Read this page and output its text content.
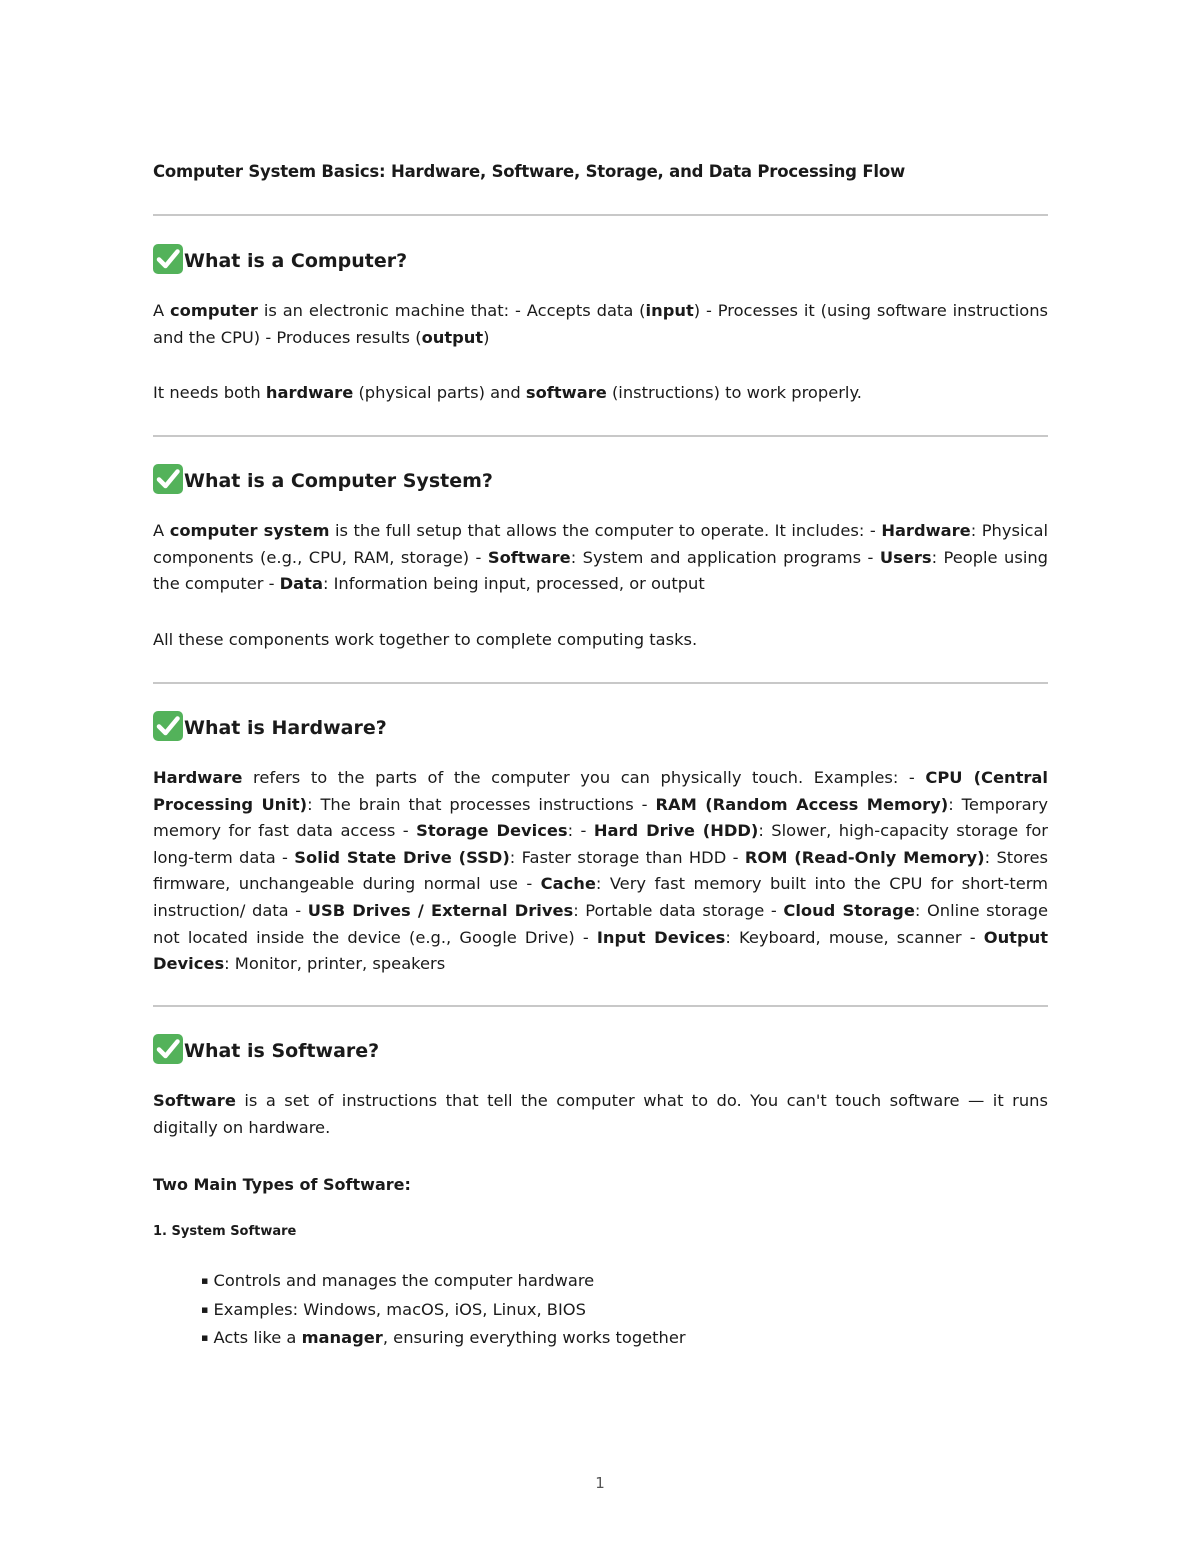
Computer System Basics: Hardware, Software, Storage, and Data Processing Flow
What is a Computer?

A computer is an electronic machine that: - Accepts data (input) - Processes it (using software instructions and the CPU) - Produces results (output)

It needs both hardware (physical parts) and software (instructions) to work properly.

What is a Computer System?

A computer system is the full setup that allows the computer to operate. It includes: - Hardware: Physical components (e.g., CPU, RAM, storage) - Software: System and application programs - Users: People using the computer - Data: Information being input, processed, or output

All these components work together to complete computing tasks.

What is Hardware?

Hardware refers to the parts of the computer you can physically touch. Examples: - CPU (Central Processing Unit): The brain that processes instructions - RAM (Random Access Memory): Temporary memory for fast data access - Storage Devices: - Hard Drive (HDD): Slower, high-capacity storage for long-term data - Solid State Drive (SSD): Faster storage than HDD - ROM (Read-Only Memory): Stores firmware, unchangeable during normal use - Cache: Very fast memory built into the CPU for short-term instruction/ data - USB Drives / External Drives: Portable data storage - Cloud Storage: Online storage not located inside the device (e.g., Google Drive) - Input Devices: Keyboard, mouse, scanner - Output Devices: Monitor, printer, speakers

What is Software?

Software is a set of instructions that tell the computer what to do. You can't touch software — it runs digitally on hardware.

Two Main Types of Software:
1. System Software
▪ Controls and manages the computer hardware
▪ Examples: Windows, macOS, iOS, Linux, BIOS
▪ Acts like a manager, ensuring everything works together
1
